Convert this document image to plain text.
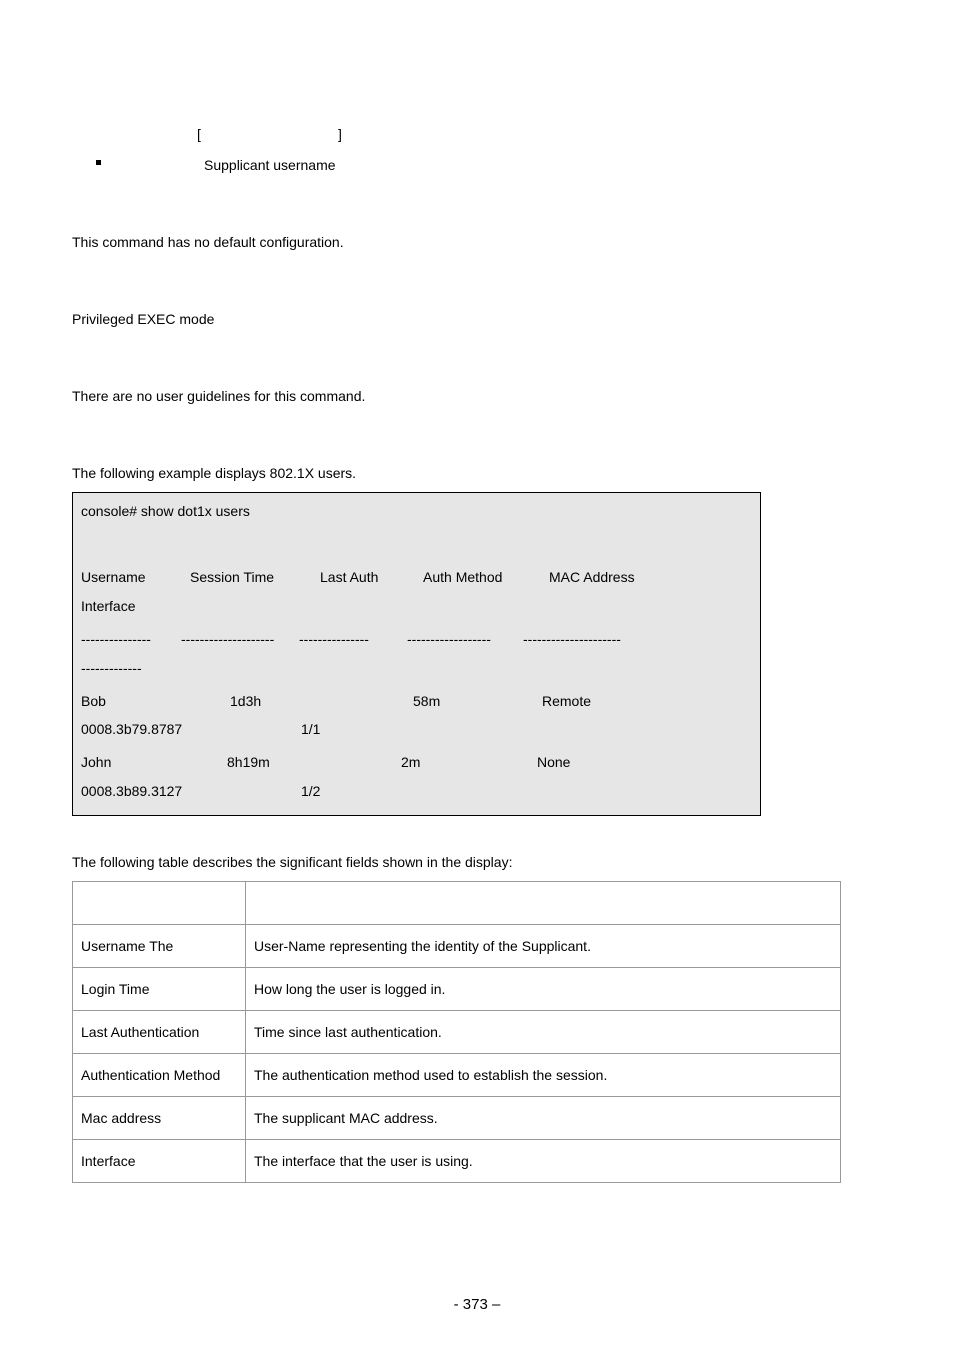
[	]
Supplicant username
This command has no default configuration.
Privileged EXEC mode
There are no user guidelines for this command.
The following example displays 802.1X users.
console# show dot1x users
Username	Session Time	Last Auth	Auth Method	MAC Address
Interface
--------------- -------------------- ---------------	------------------ ---------------------
-------------
Bob	1d3h	58m	Remote
0008.3b79.8787	1/1
John	8h19m	2m	None
0008.3b89.3127	1/2
The following table describes the significant fields shown in the display:

Username The	User-Name representing the identity of the Supplicant.
Login Time	How long the user is logged in.
Last Authentication	Time since last authentication.
Authentication Method	The authentication method used to establish the session.
Mac address	The supplicant MAC address.
Interface	The interface that the user is using.
- 373 –
